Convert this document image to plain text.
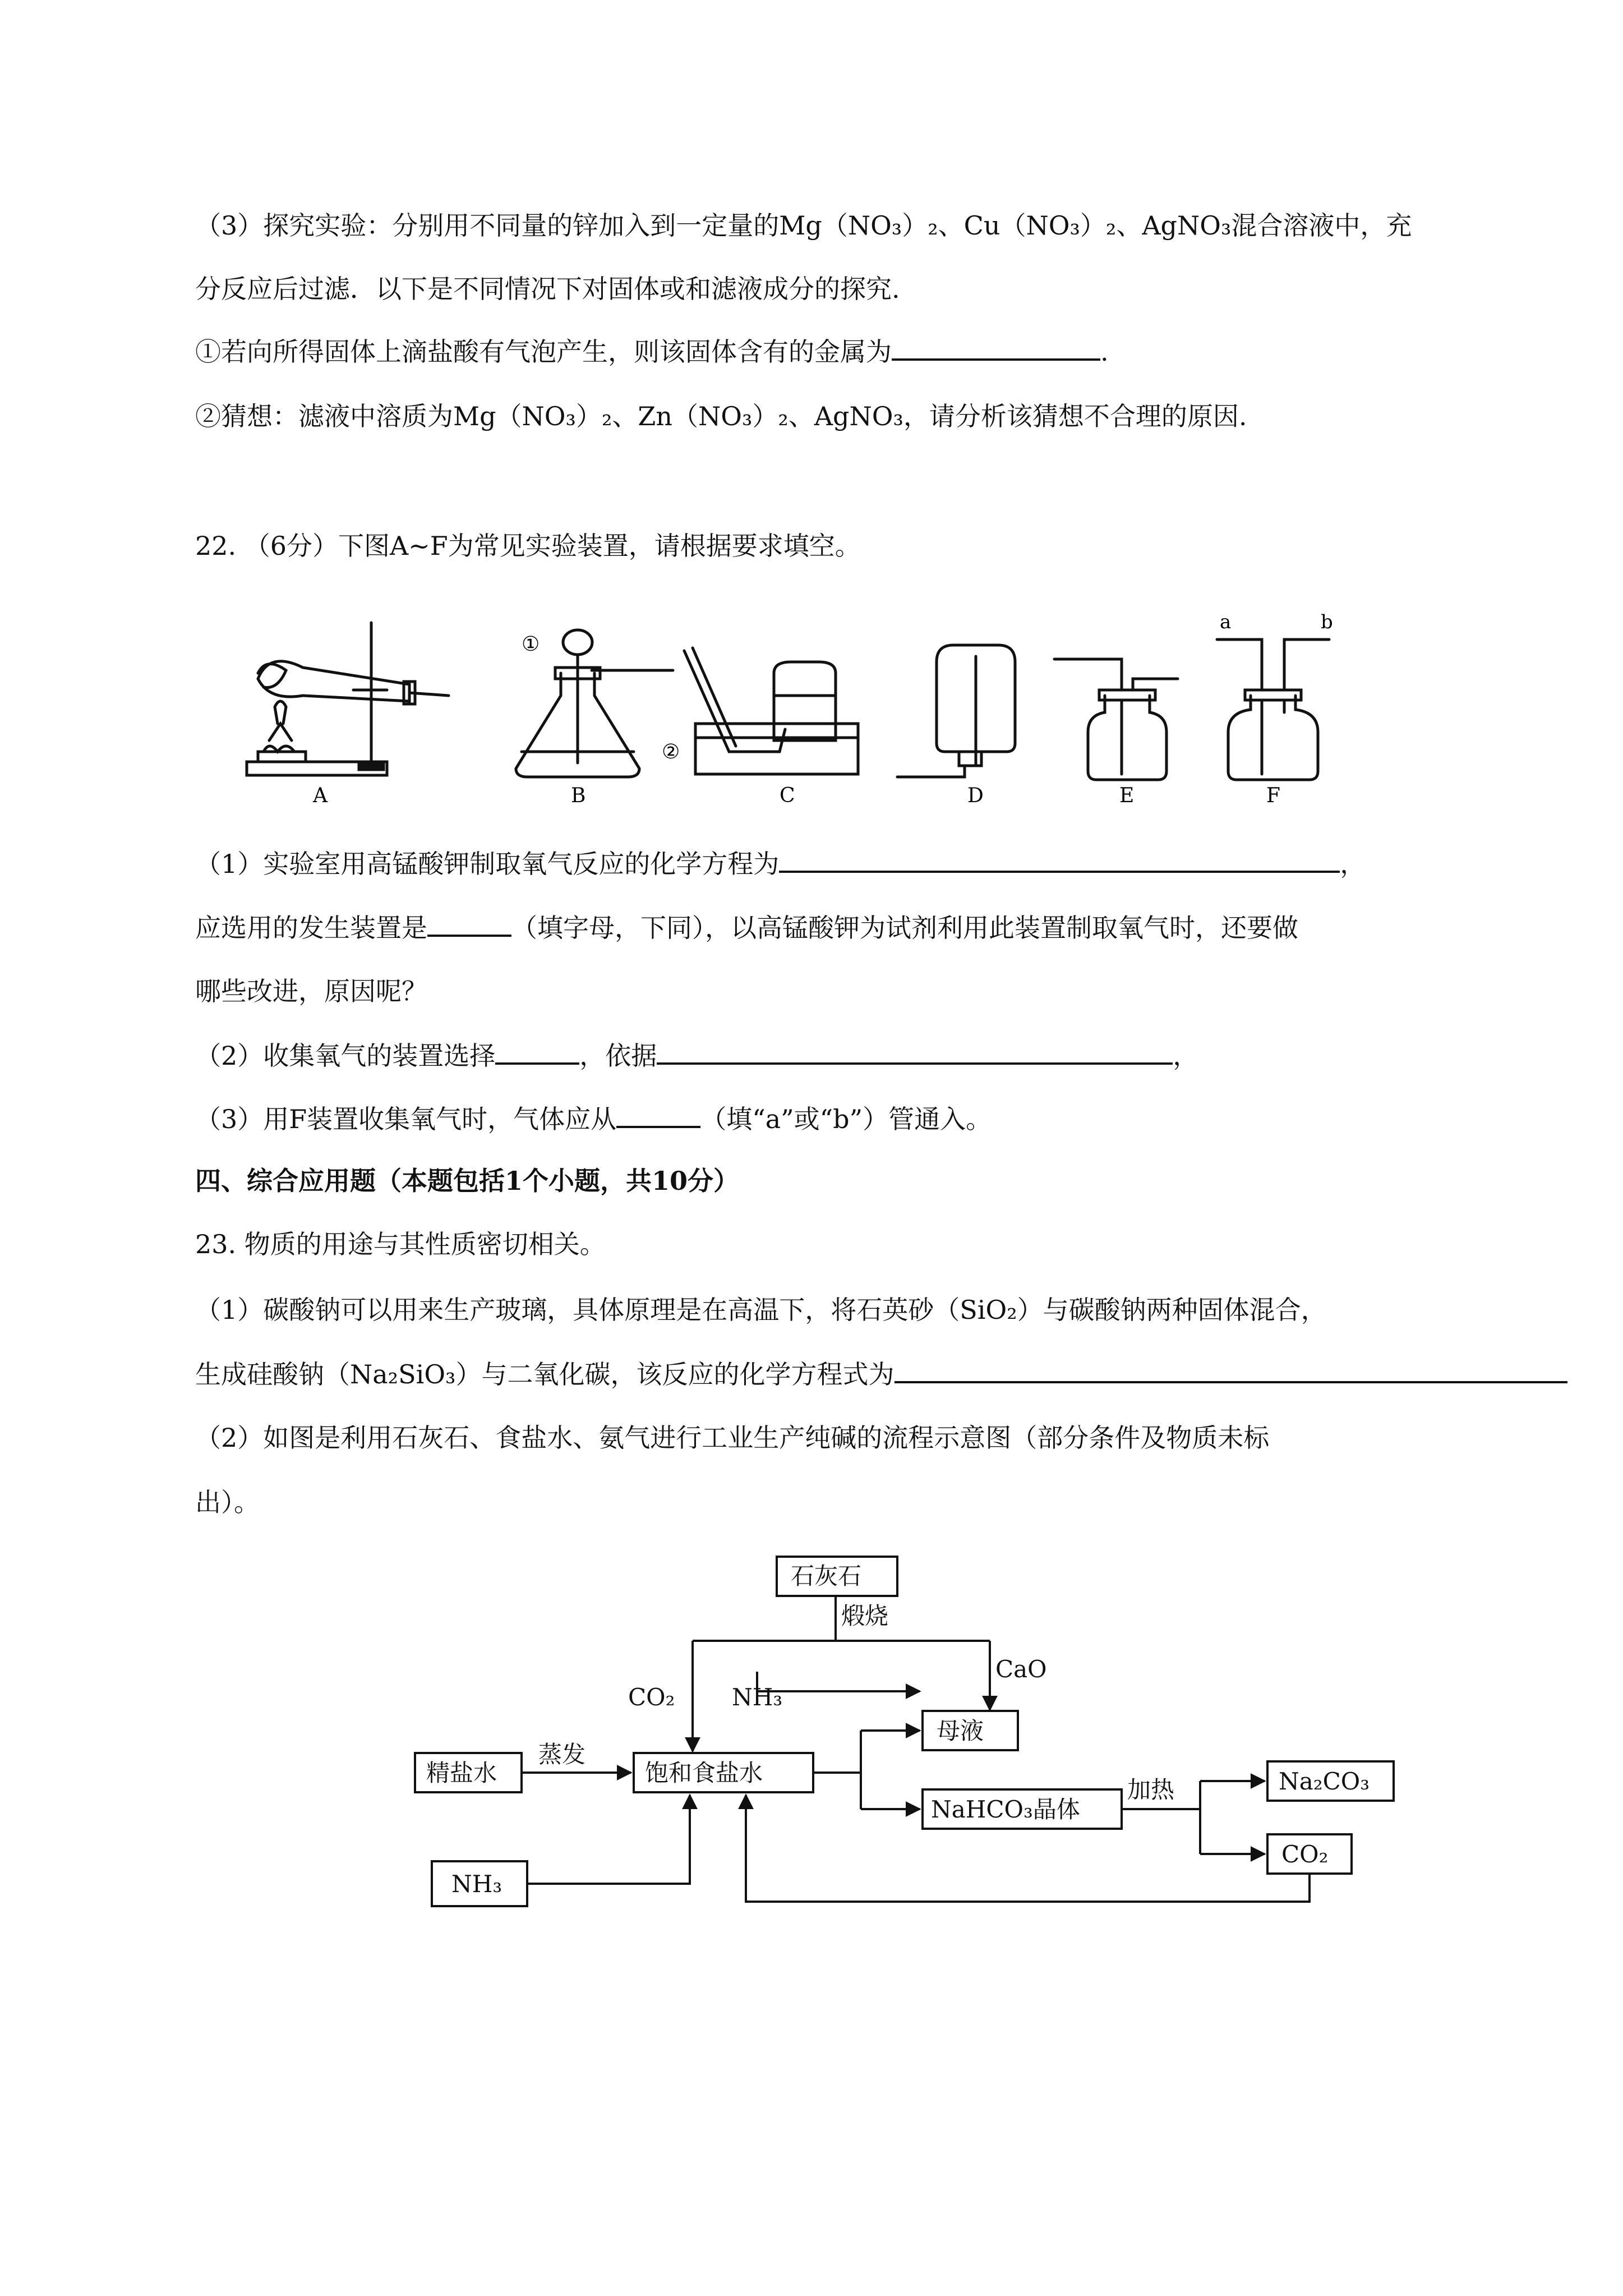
（3）探究实验：分别用不同量的锌加入到一定量的Mg（NO₃）₂、Cu（NO₃）₂、AgNO₃混合溶液中，充
分反应后过滤．以下是不同情况下对固体或和滤液成分的探究.
①若向所得固体上滴盐酸有气泡产生，则该固体含有的金属为	.
②猜想：滤液中溶质为Mg（NO₃）₂、Zn（NO₃）₂、AgNO₃，请分析该猜想不合理的原因.
22. （6分）下图A~F为常见实验装置，请根据要求填空。
①
②
a	b
A	B	C	D	E	F
（1）实验室用高锰酸钾制取氧气反应的化学方程为	，
应选用的发生装置是	（填字母，下同），以高锰酸钾为试剂利用此装置制取氧气时，还要做
哪些改进，原因呢？
（2）收集氧气的装置选择	，依据	，
（3）用F装置收集氧气时，气体应从	（填“a”或“b”）管通入。
四、综合应用题（本题包括1个小题，共10分）
23. 物质的用途与其性质密切相关。
（1）碳酸钠可以用来生产玻璃，具体原理是在高温下，将石英砂（SiO₂）与碳酸钠两种固体混合，
生成硅酸钠（Na₂SiO₃）与二氧化碳，该反应的化学方程式为
（2）如图是利用石灰石、食盐水、氨气进行工业生产纯碱的流程示意图（部分条件及物质未标
出）。
石灰石
煅烧
CaO
CO₂ NH₃
母液
精盐水
蒸发
饱和食盐水
NaHCO₃晶体
加热	Na₂CO₃
CO₂
NH₃
